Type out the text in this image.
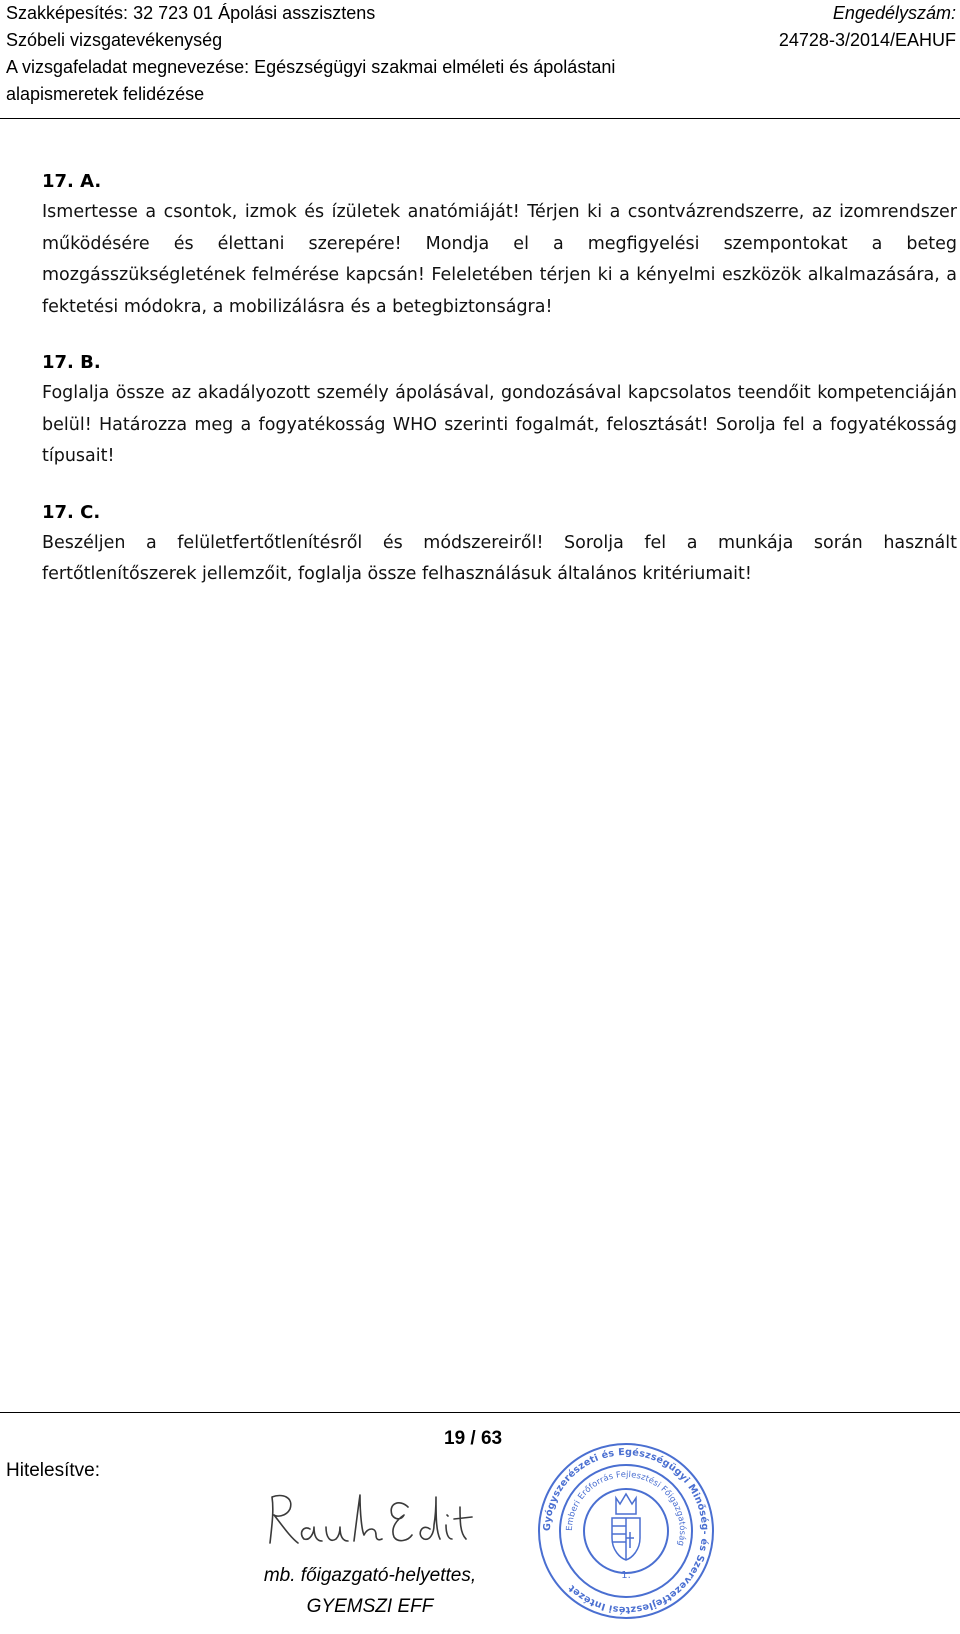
Szakképesítés: 32 723 01 Ápolási asszisztens
Szóbeli vizsgatevékenység
A vizsgafeladat megnevezése: Egészségügyi szakmai elméleti és ápolástani
alapismeretek felidézése
Engedélyszám:
24728-3/2014/EAHUF
17. A.
Ismertesse a csontok, izmok és ízületek anatómiáját! Térjen ki a csontvázrendszerre, az izomrendszer működésére és élettani szerepére! Mondja el a megfigyelési szempontokat a beteg mozgásszükségletének felmérése kapcsán! Feleletében térjen ki a kényelmi eszközök alkalmazására, a fektetési módokra, a mobilizálásra és a betegbiztonságra!
17. B.
Foglalja össze az akadályozott személy ápolásával, gondozásával kapcsolatos teendőit kompetenciáján belül! Határozza meg a fogyatékosság WHO szerinti fogalmát, felosztását! Sorolja fel a fogyatékosság típusait!
17. C.
Beszéljen a felületfertőtlenítésről és módszereiről! Sorolja fel a munkája során használt fertőtlenítőszerek jellemzőit, foglalja össze felhasználásuk általános kritériumait!
19 / 63
Hitelesítve:
mb. főigazgató-helyettes,
GYEMSZI EFF
Gyógyszerészeti és Egészségügyi Minőség- és Szervezetfejlesztési Intézet
Emberi Erőforrás Fejlesztési Főigazgatóság
1.
